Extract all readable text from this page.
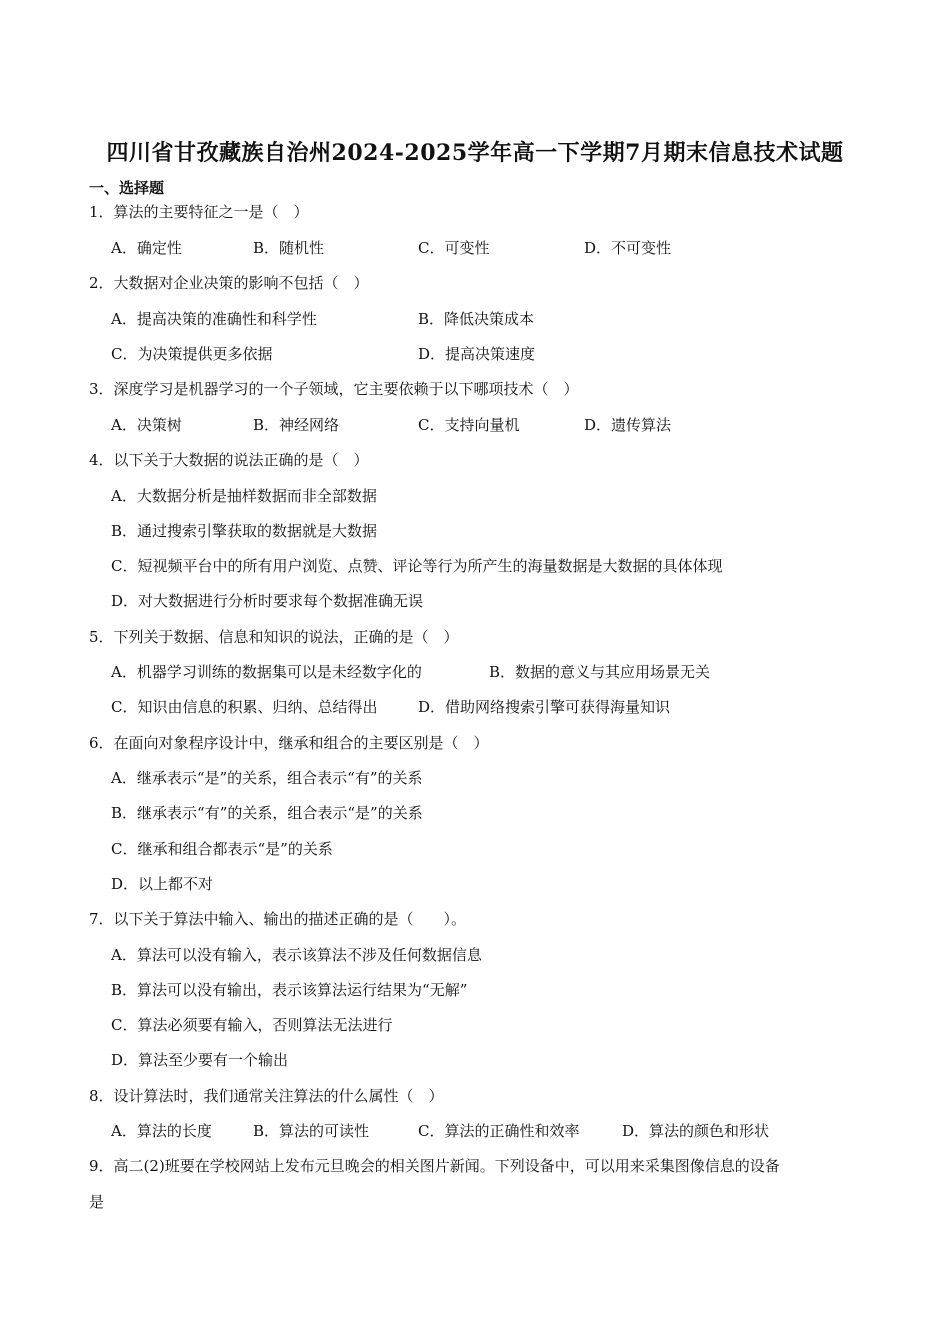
四川省甘孜藏族自治州2024-2025学年高一下学期7月期末信息技术试题
一、选择题
1．算法的主要特征之一是（　）
A．确定性	B．随机性	C．可变性	D．不可变性
2．大数据对企业决策的影响不包括（　）
A．提高决策的准确性和科学性	B．降低决策成本
C．为决策提供更多依据	D．提高决策速度
3．深度学习是机器学习的一个子领域，它主要依赖于以下哪项技术（　）
A．决策树	B．神经网络	C．支持向量机	D．遗传算法
4．以下关于大数据的说法正确的是（　）
A．大数据分析是抽样数据而非全部数据
B．通过搜索引擎获取的数据就是大数据
C．短视频平台中的所有用户浏览、点赞、评论等行为所产生的海量数据是大数据的具体体现
D．对大数据进行分析时要求每个数据准确无误
5．下列关于数据、信息和知识的说法，正确的是（　）
A．机器学习训练的数据集可以是未经数字化的	B．数据的意义与其应用场景无关
C．知识由信息的积累、归纳、总结得出	D．借助网络搜索引擎可获得海量知识
6．在面向对象程序设计中，继承和组合的主要区别是（　）
A．继承表示“是”的关系，组合表示“有”的关系
B．继承表示“有”的关系，组合表示“是”的关系
C．继承和组合都表示“是”的关系
D．以上都不对
7．以下关于算法中输入、输出的描述正确的是（　　）。
A．算法可以没有输入，表示该算法不涉及任何数据信息
B．算法可以没有输出，表示该算法运行结果为“无解”
C．算法必须要有输入，否则算法无法进行
D．算法至少要有一个输出
8．设计算法时，我们通常关注算法的什么属性（　）
A．算法的长度	B．算法的可读性	C．算法的正确性和效率	D．算法的颜色和形状
9．高二(2)班要在学校网站上发布元旦晚会的相关图片新闻。下列设备中，可以用来采集图像信息的设备
是
